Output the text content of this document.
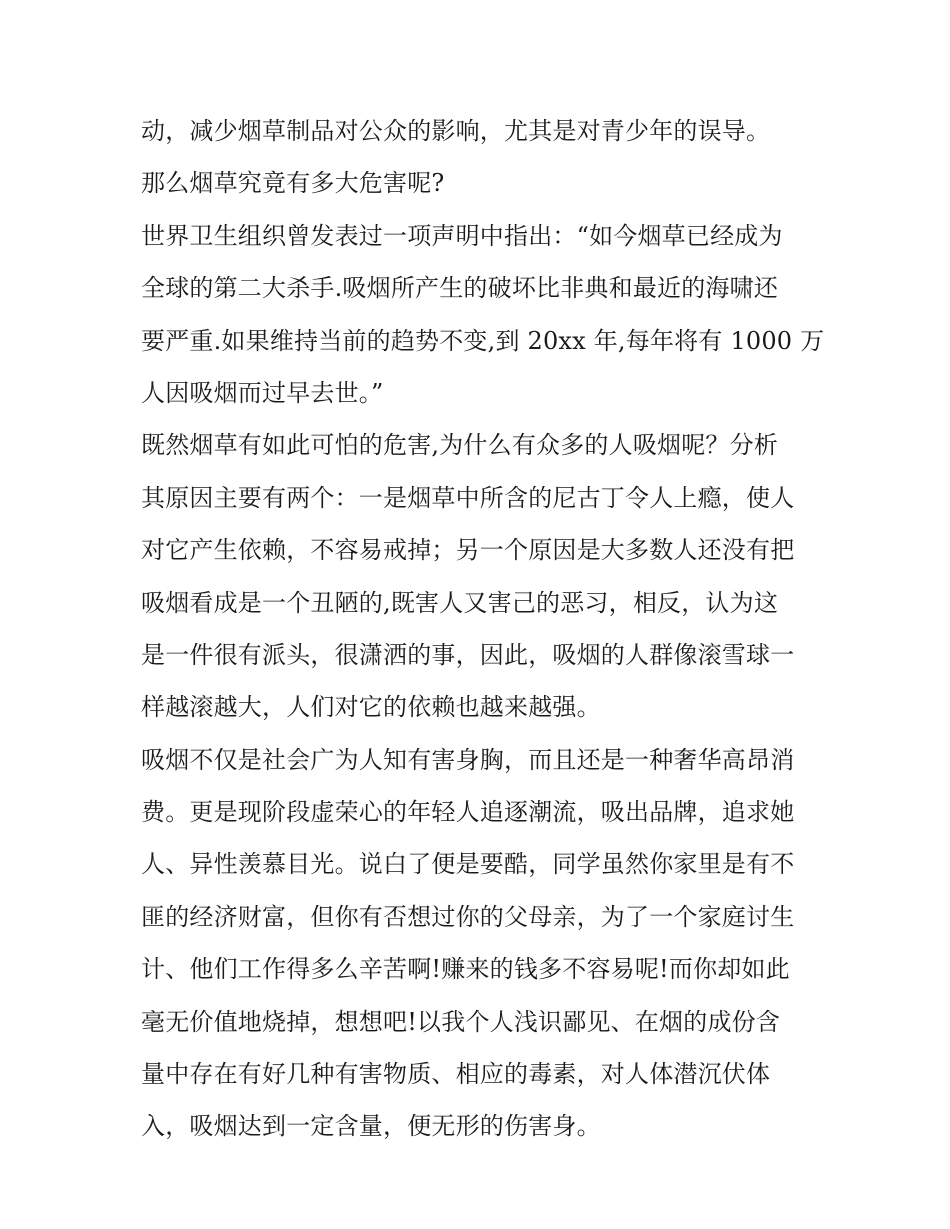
动，减少烟草制品对公众的影响，尤其是对青少年的误导。
那么烟草究竟有多大危害呢?
世界卫生组织曾发表过一项声明中指出：“如今烟草已经成为
全球的第二大杀手.吸烟所产生的破坏比非典和最近的海啸还
要严重.如果维持当前的趋势不变,到 20xx 年,每年将有 1000 万
人因吸烟而过早去世。”
既然烟草有如此可怕的危害,为什么有众多的人吸烟呢？分析
其原因主要有两个：一是烟草中所含的尼古丁令人上瘾，使人
对它产生依赖，不容易戒掉；另一个原因是大多数人还没有把
吸烟看成是一个丑陋的,既害人又害己的恶习，相反，认为这
是一件很有派头，很潇洒的事，因此，吸烟的人群像滚雪球一
样越滚越大，人们对它的依赖也越来越强。
吸烟不仅是社会广为人知有害身胸，而且还是一种奢华高昂消
费。更是现阶段虚荣心的年轻人追逐潮流，吸出品牌，追求她
人、异性羡慕目光。说白了便是要酷，同学虽然你家里是有不
匪的经济财富，但你有否想过你的父母亲，为了一个家庭讨生
计、他们工作得多么辛苦啊!赚来的钱多不容易呢!而你却如此
毫无价值地烧掉，想想吧!以我个人浅识鄙见、在烟的成份含
量中存在有好几种有害物质、相应的毒素，对人体潜沉伏体
入，吸烟达到一定含量，便无形的伤害身。
